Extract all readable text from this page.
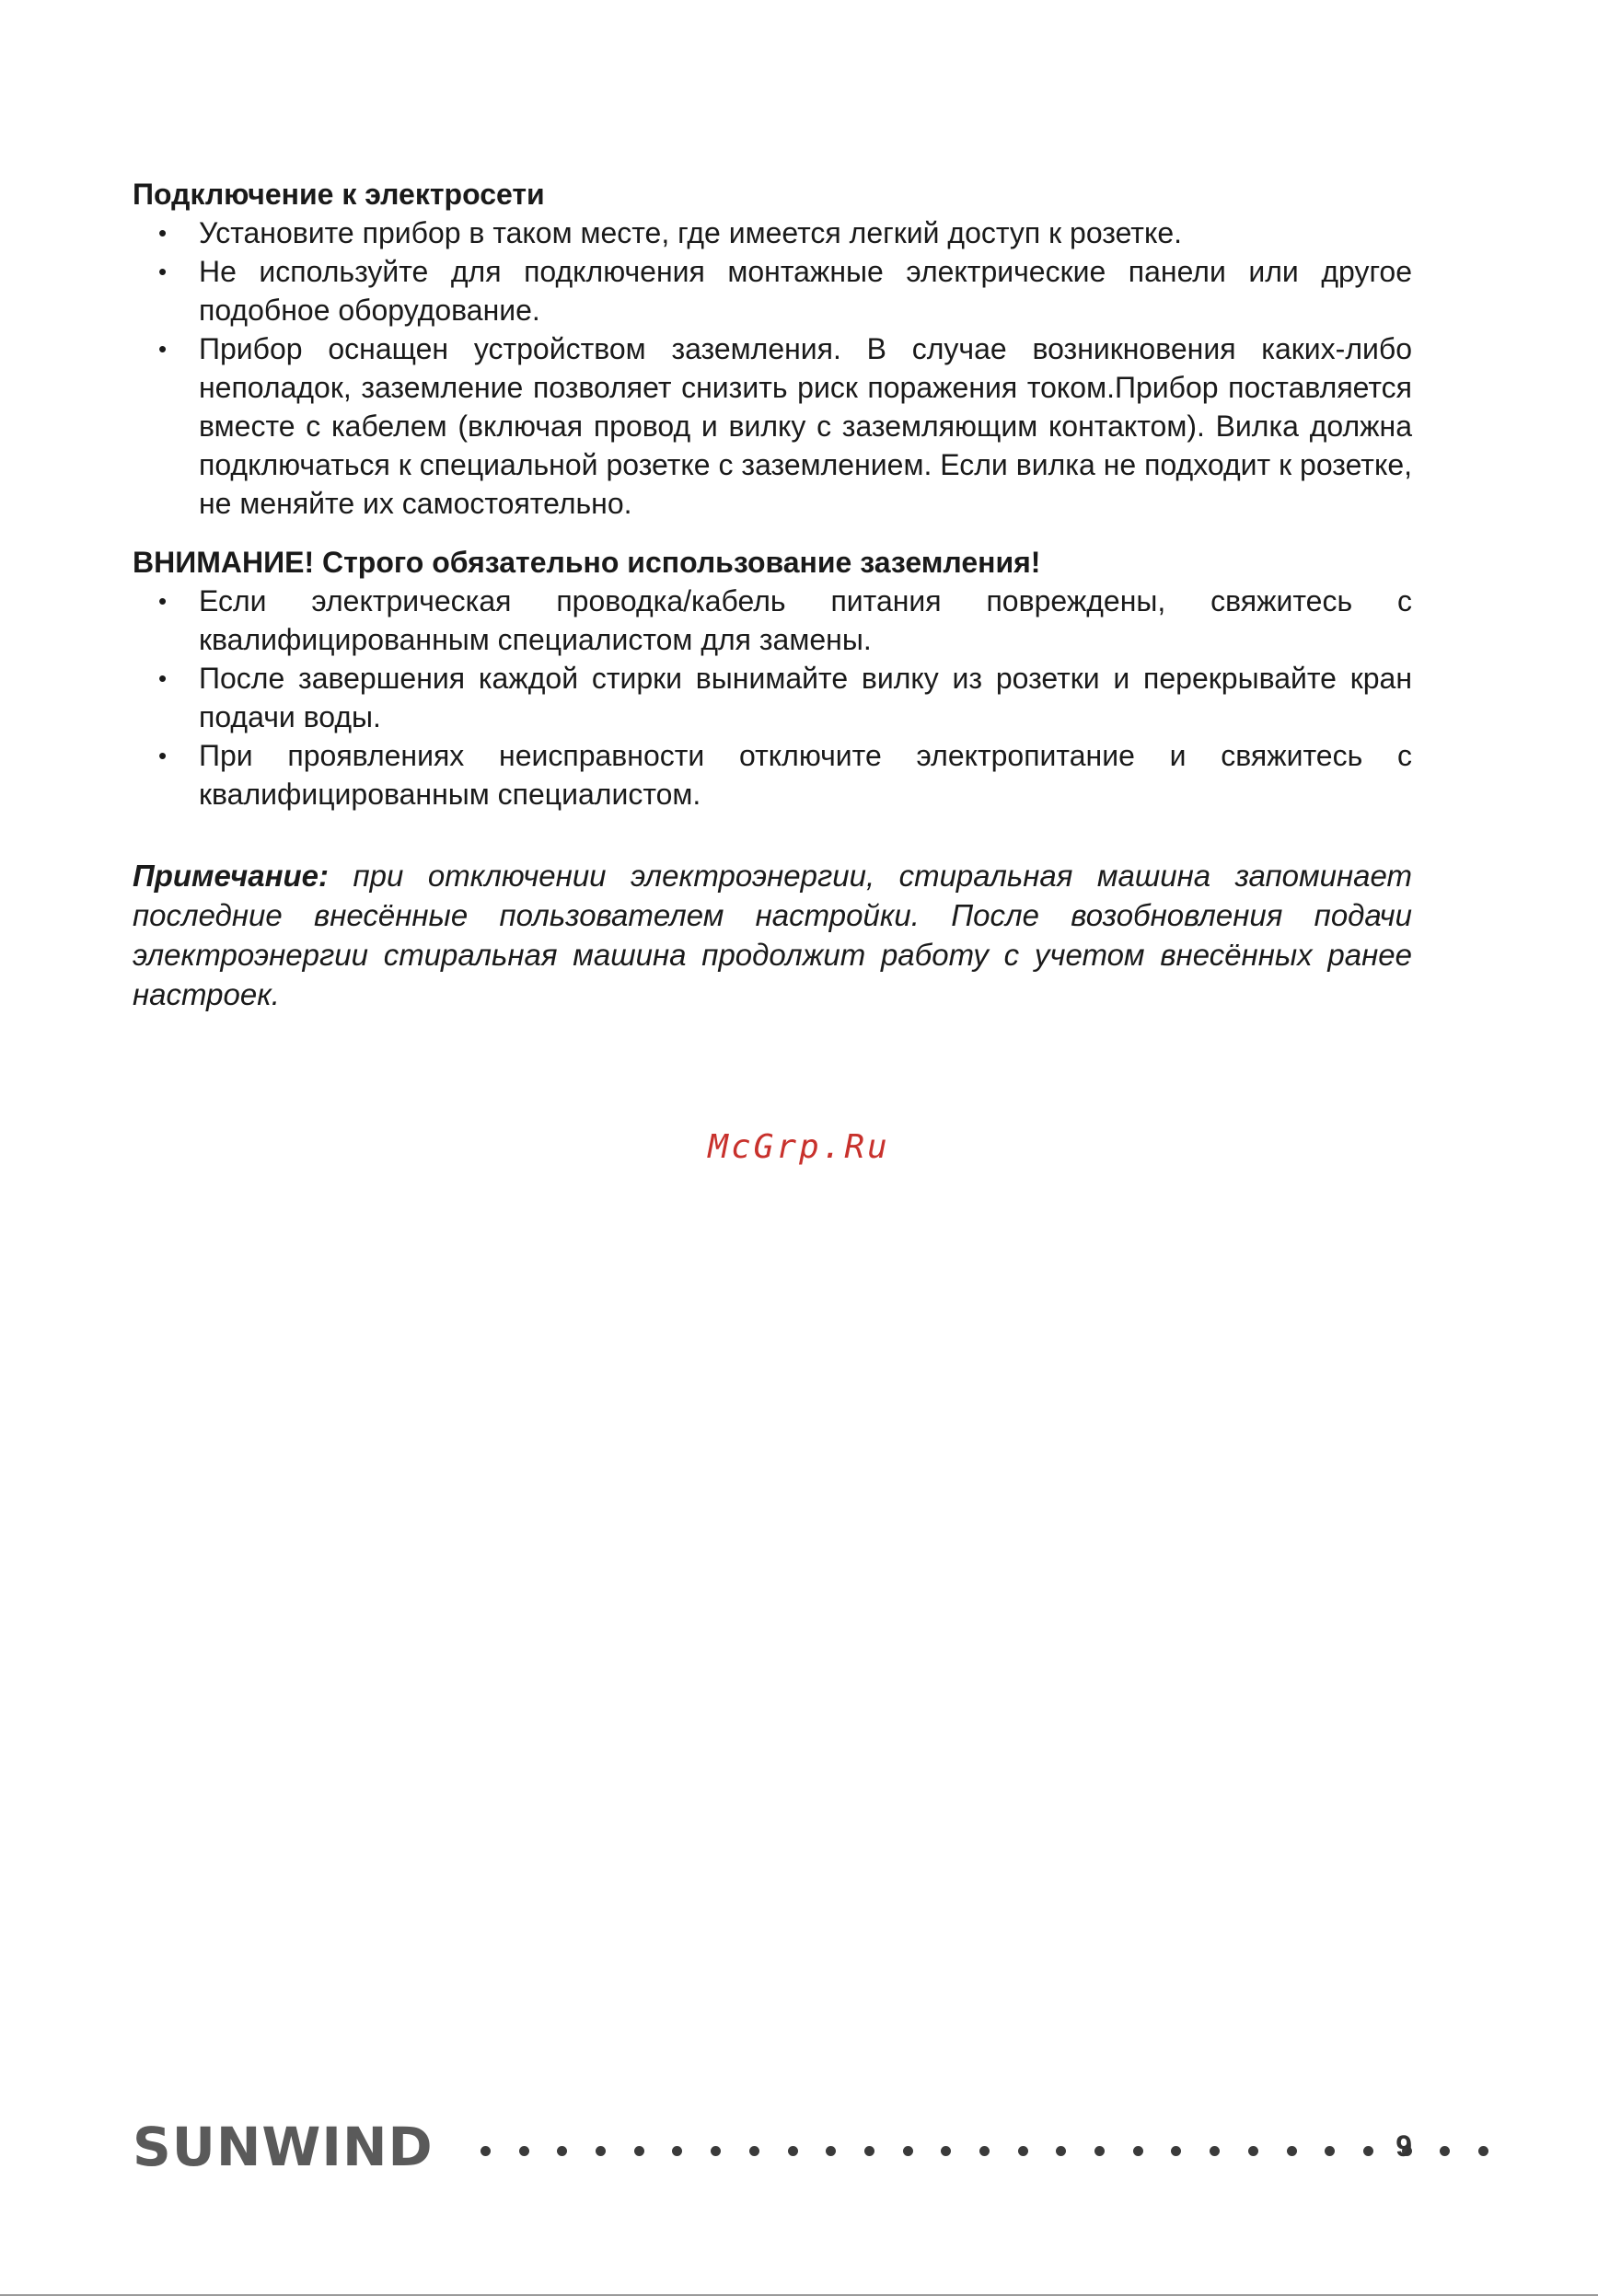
Подключение к электросети

• Установите прибор в таком месте, где имеется легкий доступ к розетке.
• Не используйте для подключения монтажные электрические панели или другое подобное оборудование.
• Прибор оснащен устройством заземления. В случае возникновения каких-либо неполадок, заземление позволяет снизить риск поражения током.Прибор поставляется вместе с кабелем (включая провод и вилку с заземляющим контактом). Вилка должна подключаться к специальной розетке с заземлением. Если вилка не подходит к розетке, не меняйте их самостоятельно.

ВНИМАНИЕ! Строго обязательно использование заземления!

• Если электрическая проводка/кабель питания повреждены, свяжитесь с квалифицированным специалистом для замены.
• После завершения каждой стирки вынимайте вилку из розетки и перекрывайте кран подачи воды.
• При проявлениях неисправности отключите электропитание и свяжитесь с квалифицированным специалистом.

Примечание: при отключении электроэнергии, стиральная машина запоминает последние внесённые пользователем настройки. После возобновления подачи электроэнергии стиральная машина продолжит работу с учетом внесённых ранее настроек.

McGrp.Ru
SUNWIND	9
